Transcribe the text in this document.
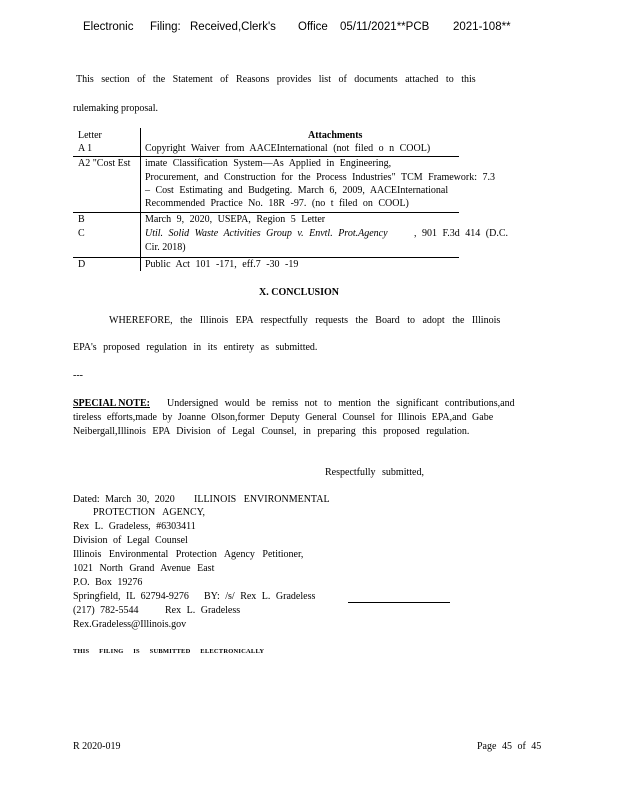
Electronic Filing: Received,Clerk's Office 05/11/2021**PCB 2021-108**
This section of the Statement of Reasons provides list of documents attached to this
rulemaking proposal.
Letter	Attachments
A 1	Copyright Waiver from AACEInternational (not filed o n COOL)
A2 "Cost Est imate Classification System—As Applied in Engineering,
Procurement, and Construction for the Process Industries" TCM Framework: 7.3
– Cost Estimating and Budgeting. March 6, 2009, AACEInternational
Recommended Practice No. 18R -97. (no t filed on COOL)
B	March 9, 2020, USEPA, Region 5 Letter
C	Util. Solid Waste Activities Group v. Envtl. Prot.Agency	, 901 F.3d 414 (D.C.
Cir. 2018)
D	Public Act 101 -171, eff.7 -30 -19
X. CONCLUSION
WHEREFORE, the Illinois EPA respectfully requests the Board to adopt the Illinois
EPA's proposed regulation in its entirety as submitted.
---
SPECIAL NOTE: Undersigned would be remiss not to mention the significant contributions,and
tireless efforts,made by Joanne Olson,former Deputy General Counsel for Illinois EPA,and Gabe
Neibergall,Illinois EPA Division of Legal Counsel, in preparing this proposed regulation.
Respectfully submitted,
Dated: March 30, 2020 ILLINOIS ENVIRONMENTAL
PROTECTION AGENCY,
Rex L. Gradeless, #6303411
Division of Legal Counsel
Illinois Environmental Protection Agency Petitioner,
1021 North Grand Avenue East
P.O. Box 19276
Springfield, IL 62794-9276 BY: /s/ Rex L. Gradeless
(217) 782-5544	Rex L. Gradeless
Rex.Gradeless@Illinois.gov
THIS FILING IS SUBMITTED ELECTRONICALLY
R 2020-019	Page 45 of 45
